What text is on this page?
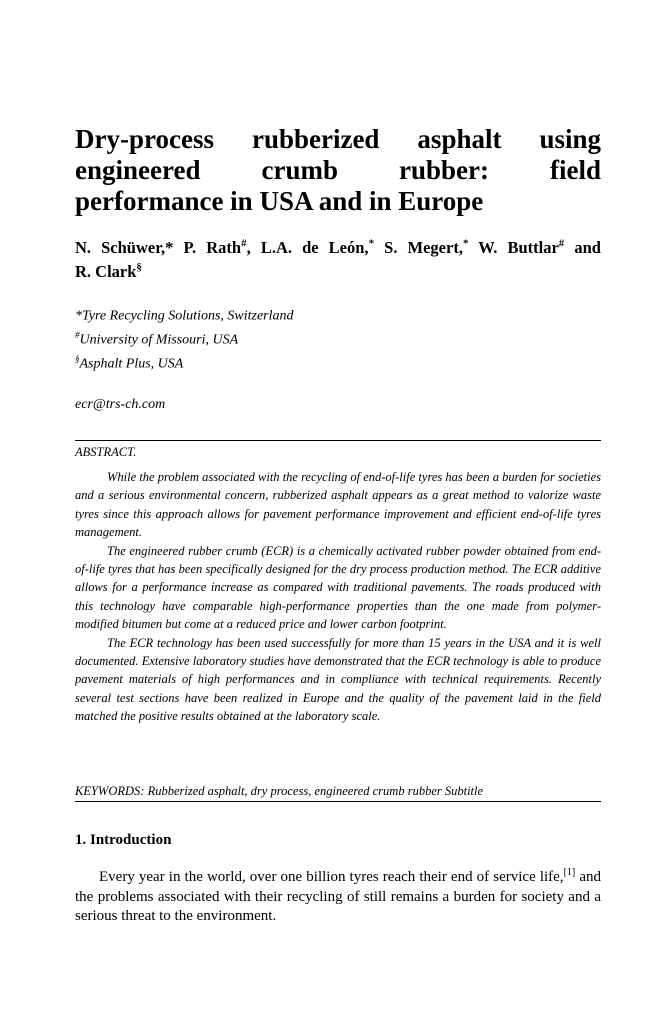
Dry-process rubberized asphalt using
engineered crumb rubber: field
performance in USA and in Europe
N. Schüwer,* P. Rath#, L.A. de León,* S. Megert,* W. Buttlar# and
R. Clark§
*Tyre Recycling Solutions, Switzerland
#University of Missouri, USA
§Asphalt Plus, USA
ecr@trs-ch.com
ABSTRACT.

While the problem associated with the recycling of end-of-life tyres has been a burden for societies and a serious environmental concern, rubberized asphalt appears as a great method to valorize waste tyres since this approach allows for pavement performance improvement and efficient end-of-life tyres management.

The engineered rubber crumb (ECR) is a chemically activated rubber powder obtained from end-of-life tyres that has been specifically designed for the dry process production method. The ECR additive allows for a performance increase as compared with traditional pavements. The roads produced with this technology have comparable high-performance properties than the one made from polymer-modified bitumen but come at a reduced price and lower carbon footprint.

The ECR technology has been used successfully for more than 15 years in the USA and it is well documented. Extensive laboratory studies have demonstrated that the ECR technology is able to produce pavement materials of high performances and in compliance with technical requirements. Recently several test sections have been realized in Europe and the quality of the pavement laid in the field matched the positive results obtained at the laboratory scale.

KEYWORDS: Rubberized asphalt, dry process, engineered crumb rubber Subtitle
1. Introduction

Every year in the world, over one billion tyres reach their end of service life,[1] and the problems associated with their recycling of still remains a burden for society and a serious threat to the environment.
